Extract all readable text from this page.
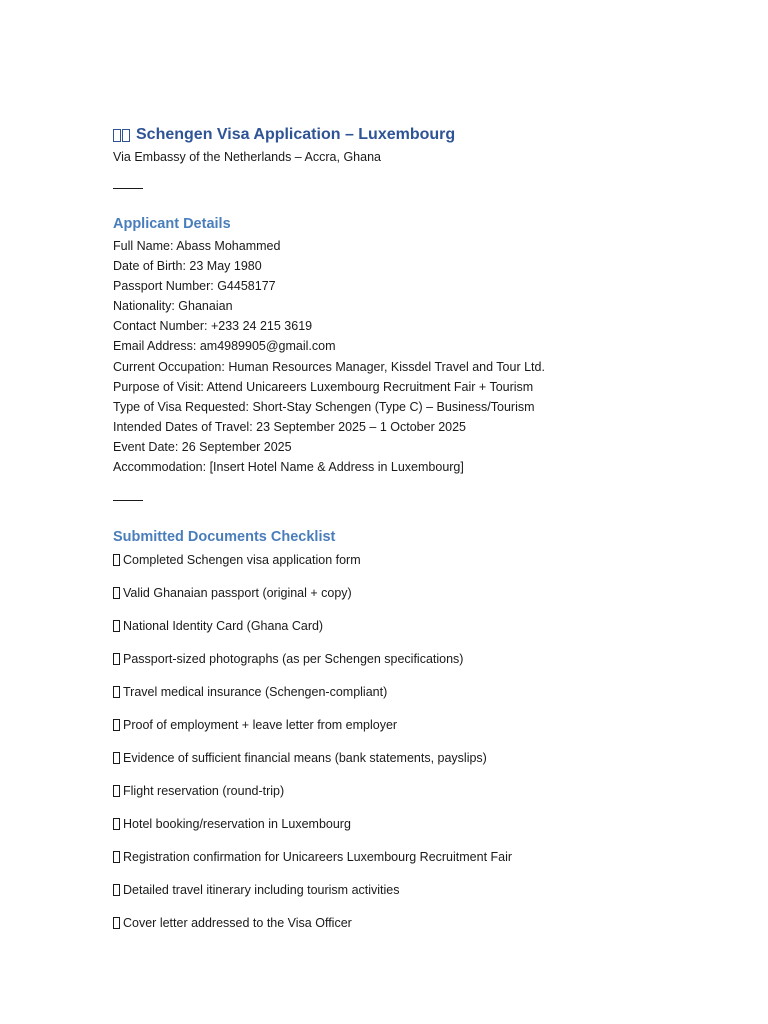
Schengen Visa Application – Luxembourg

Via Embassy of the Netherlands – Accra, Ghana

Applicant Details
Full Name: Abass Mohammed
Date of Birth: 23 May 1980
Passport Number: G4458177
Nationality: Ghanaian
Contact Number: +233 24 215 3619
Email Address: am4989905@gmail.com
Current Occupation: Human Resources Manager, Kissdel Travel and Tour Ltd.
Purpose of Visit: Attend Unicareers Luxembourg Recruitment Fair + Tourism
Type of Visa Requested: Short-Stay Schengen (Type C) – Business/Tourism
Intended Dates of Travel: 23 September 2025 – 1 October 2025
Event Date: 26 September 2025
Accommodation: [Insert Hotel Name & Address in Luxembourg]
Submitted Documents Checklist
Completed Schengen visa application form
Valid Ghanaian passport (original + copy)
National Identity Card (Ghana Card)
Passport-sized photographs (as per Schengen specifications)
Travel medical insurance (Schengen-compliant)
Proof of employment + leave letter from employer
Evidence of sufficient financial means (bank statements, payslips)
Flight reservation (round-trip)
Hotel booking/reservation in Luxembourg
Registration confirmation for Unicareers Luxembourg Recruitment Fair
Detailed travel itinerary including tourism activities
Cover letter addressed to the Visa Officer
